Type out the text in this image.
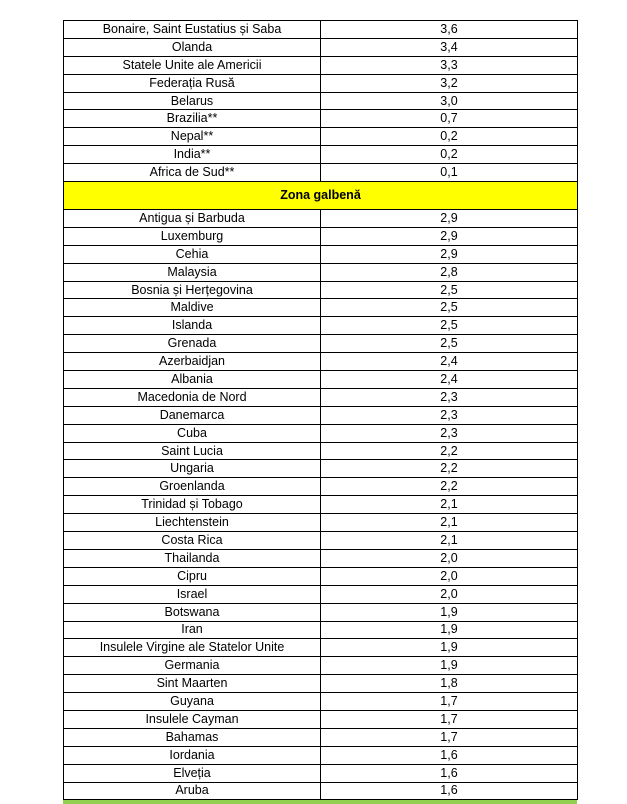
Bonaire, Saint Eustatius și Saba	3,6
Olanda	3,4
Statele Unite ale Americii	3,3
Federația Rusă	3,2
Belarus	3,0
Brazilia**	0,7
Nepal**	0,2
India**	0,2
Africa de Sud**	0,1
Zona galbenă	
Antigua și Barbuda	2,9
Luxemburg	2,9
Cehia	2,9
Malaysia	2,8
Bosnia și Herțegovina	2,5
Maldive	2,5
Islanda	2,5
Grenada	2,5
Azerbaidjan	2,4
Albania	2,4
Macedonia de Nord	2,3
Danemarca	2,3
Cuba	2,3
Saint Lucia	2,2
Ungaria	2,2
Groenlanda	2,2
Trinidad și Tobago	2,1
Liechtenstein	2,1
Costa Rica	2,1
Thailanda	2,0
Cipru	2,0
Israel	2,0
Botswana	1,9
Iran	1,9
Insulele Virgine ale Statelor Unite	1,9
Germania	1,9
Sint Maarten	1,8
Guyana	1,7
Insulele Cayman	1,7
Bahamas	1,7
Iordania	1,6
Elveția	1,6
Aruba	1,6
